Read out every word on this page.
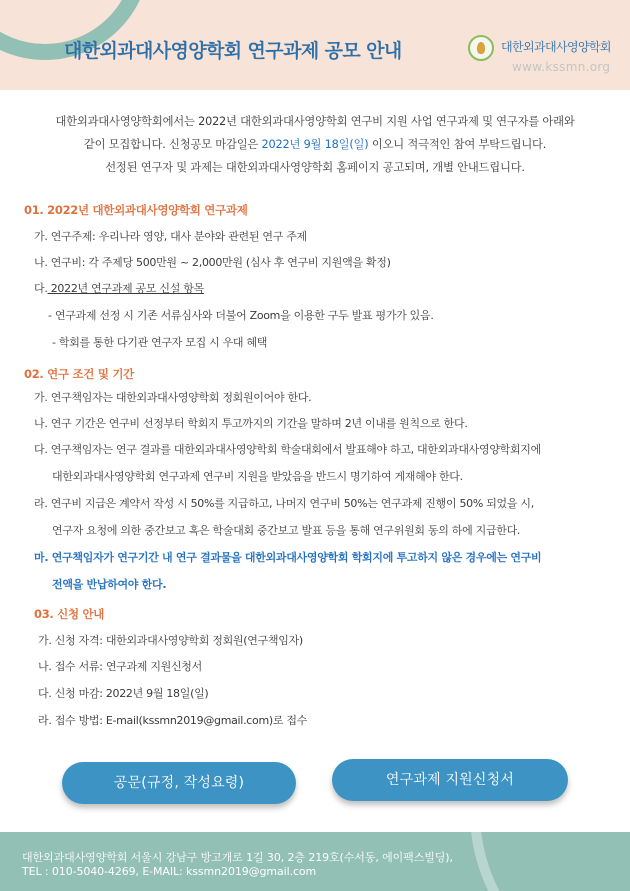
대한외과대사영양학회 연구과제 공모 안내	대한외과대사영양학회
www.kssmn.org
대한외과대사영양학회에서는 2022년 대한외과대사영양학회 연구비 지원 사업 연구과제 및 연구자를 아래와
같이 모집합니다. 신청공모 마감일은 2022년 9월 18일(일) 이오니 적극적인 참여 부탁드립니다.
선정된 연구자 및 과제는 대한외과대사영양학회 홈페이지 공고되며, 개별 안내드립니다.
01. 2022년 대한외과대사영양학회 연구과제
가. 연구주제: 우리나라 영양, 대사 분야와 관련된 연구 주제
나. 연구비: 각 주제당 500만원 ~ 2,000만원 (심사 후 연구비 지원액을 확정)
다. 2022년 연구과제 공모 신설 항목
- 연구과제 선정 시 기존 서류심사와 더불어 Zoom을 이용한 구두 발표 평가가 있음.
- 학회를 통한 다기관 연구자 모집 시 우대 혜택
02. 연구 조건 및 기간
가. 연구책임자는 대한외과대사영양학회 정회원이어야 한다.
나. 연구 기간은 연구비 선정부터 학회지 투고까지의 기간을 말하며 2년 이내를 원칙으로 한다.
다. 연구책임자는 연구 결과를 대한외과대사영양학회 학술대회에서 발표해야 하고, 대한외과대사영양학회지에
대한외과대사영양학회 연구과제 연구비 지원을 받았음을 반드시 명기하여 게재해야 한다.
라. 연구비 지급은 계약서 작성 시 50%를 지급하고, 나머지 연구비 50%는 연구과제 진행이 50% 되었을 시,
연구자 요청에 의한 중간보고 혹은 학술대회 중간보고 발표 등을 통해 연구위원회 동의 하에 지급한다.
마. 연구책임자가 연구기간 내 연구 결과물을 대한외과대사영양학회 학회지에 투고하지 않은 경우에는 연구비
전액을 반납하여야 한다.
03. 신청 안내
가. 신청 자격: 대한외과대사영양학회 정회원(연구책임자)
나. 접수 서류: 연구과제 지원신청서
다. 신청 마감: 2022년 9월 18일(일)
라. 접수 방법: E-mail(kssmn2019@gmail.com)로 접수
공문(규정, 작성요령)	연구과제 지원신청서
대한외과대사영양학회 서울시 강남구 방고개로 1길 30, 2층 219호(수서동, 에이팩스빌딩),
TEL : 010-5040-4269, E-MAIL: kssmn2019@gmail.com
